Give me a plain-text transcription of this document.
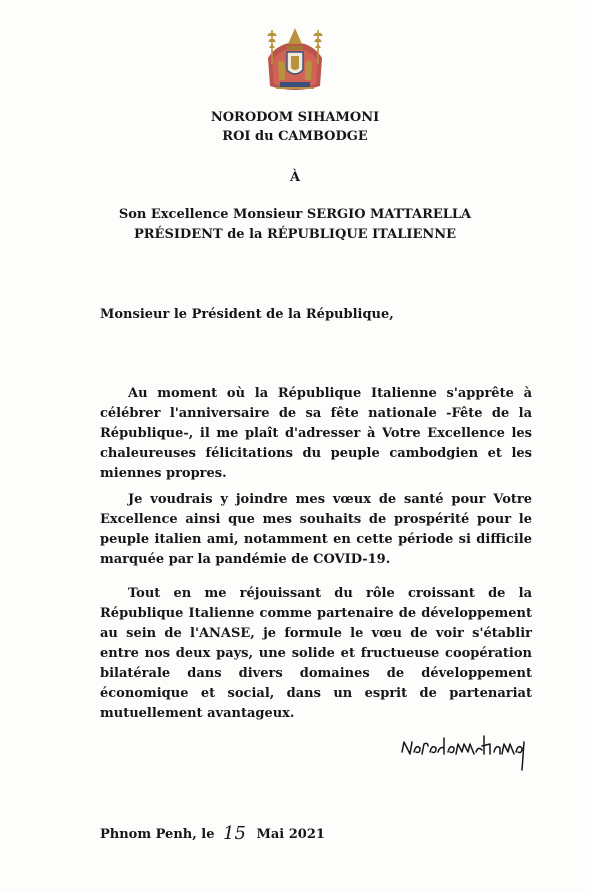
NORODOM SIHAMONI
ROI du CAMBODGE
À
Son Excellence Monsieur SERGIO MATTARELLA
PRÉSIDENT de la RÉPUBLIQUE ITALIENNE
Monsieur le Président de la République,

Au moment où la République Italienne s'apprête à célébrer l'anniversaire de sa fête nationale -Fête de la République-, il me plaît d'adresser à Votre Excellence les chaleureuses félicitations du peuple cambodgien et les miennes propres.

Je voudrais y joindre mes vœux de santé pour Votre Excellence ainsi que mes souhaits de prospérité pour le peuple italien ami, notamment en cette période si difficile marquée par la pandémie de COVID-19.

Tout en me réjouissant du rôle croissant de la République Italienne comme partenaire de développement au sein de l'ANASE, je formule le vœu de voir s'établir entre nos deux pays, une solide et fructueuse coopération bilatérale dans divers domaines de développement économique et social, dans un esprit de partenariat mutuellement avantageux.

Phnom Penh, le 15 Mai 2021
